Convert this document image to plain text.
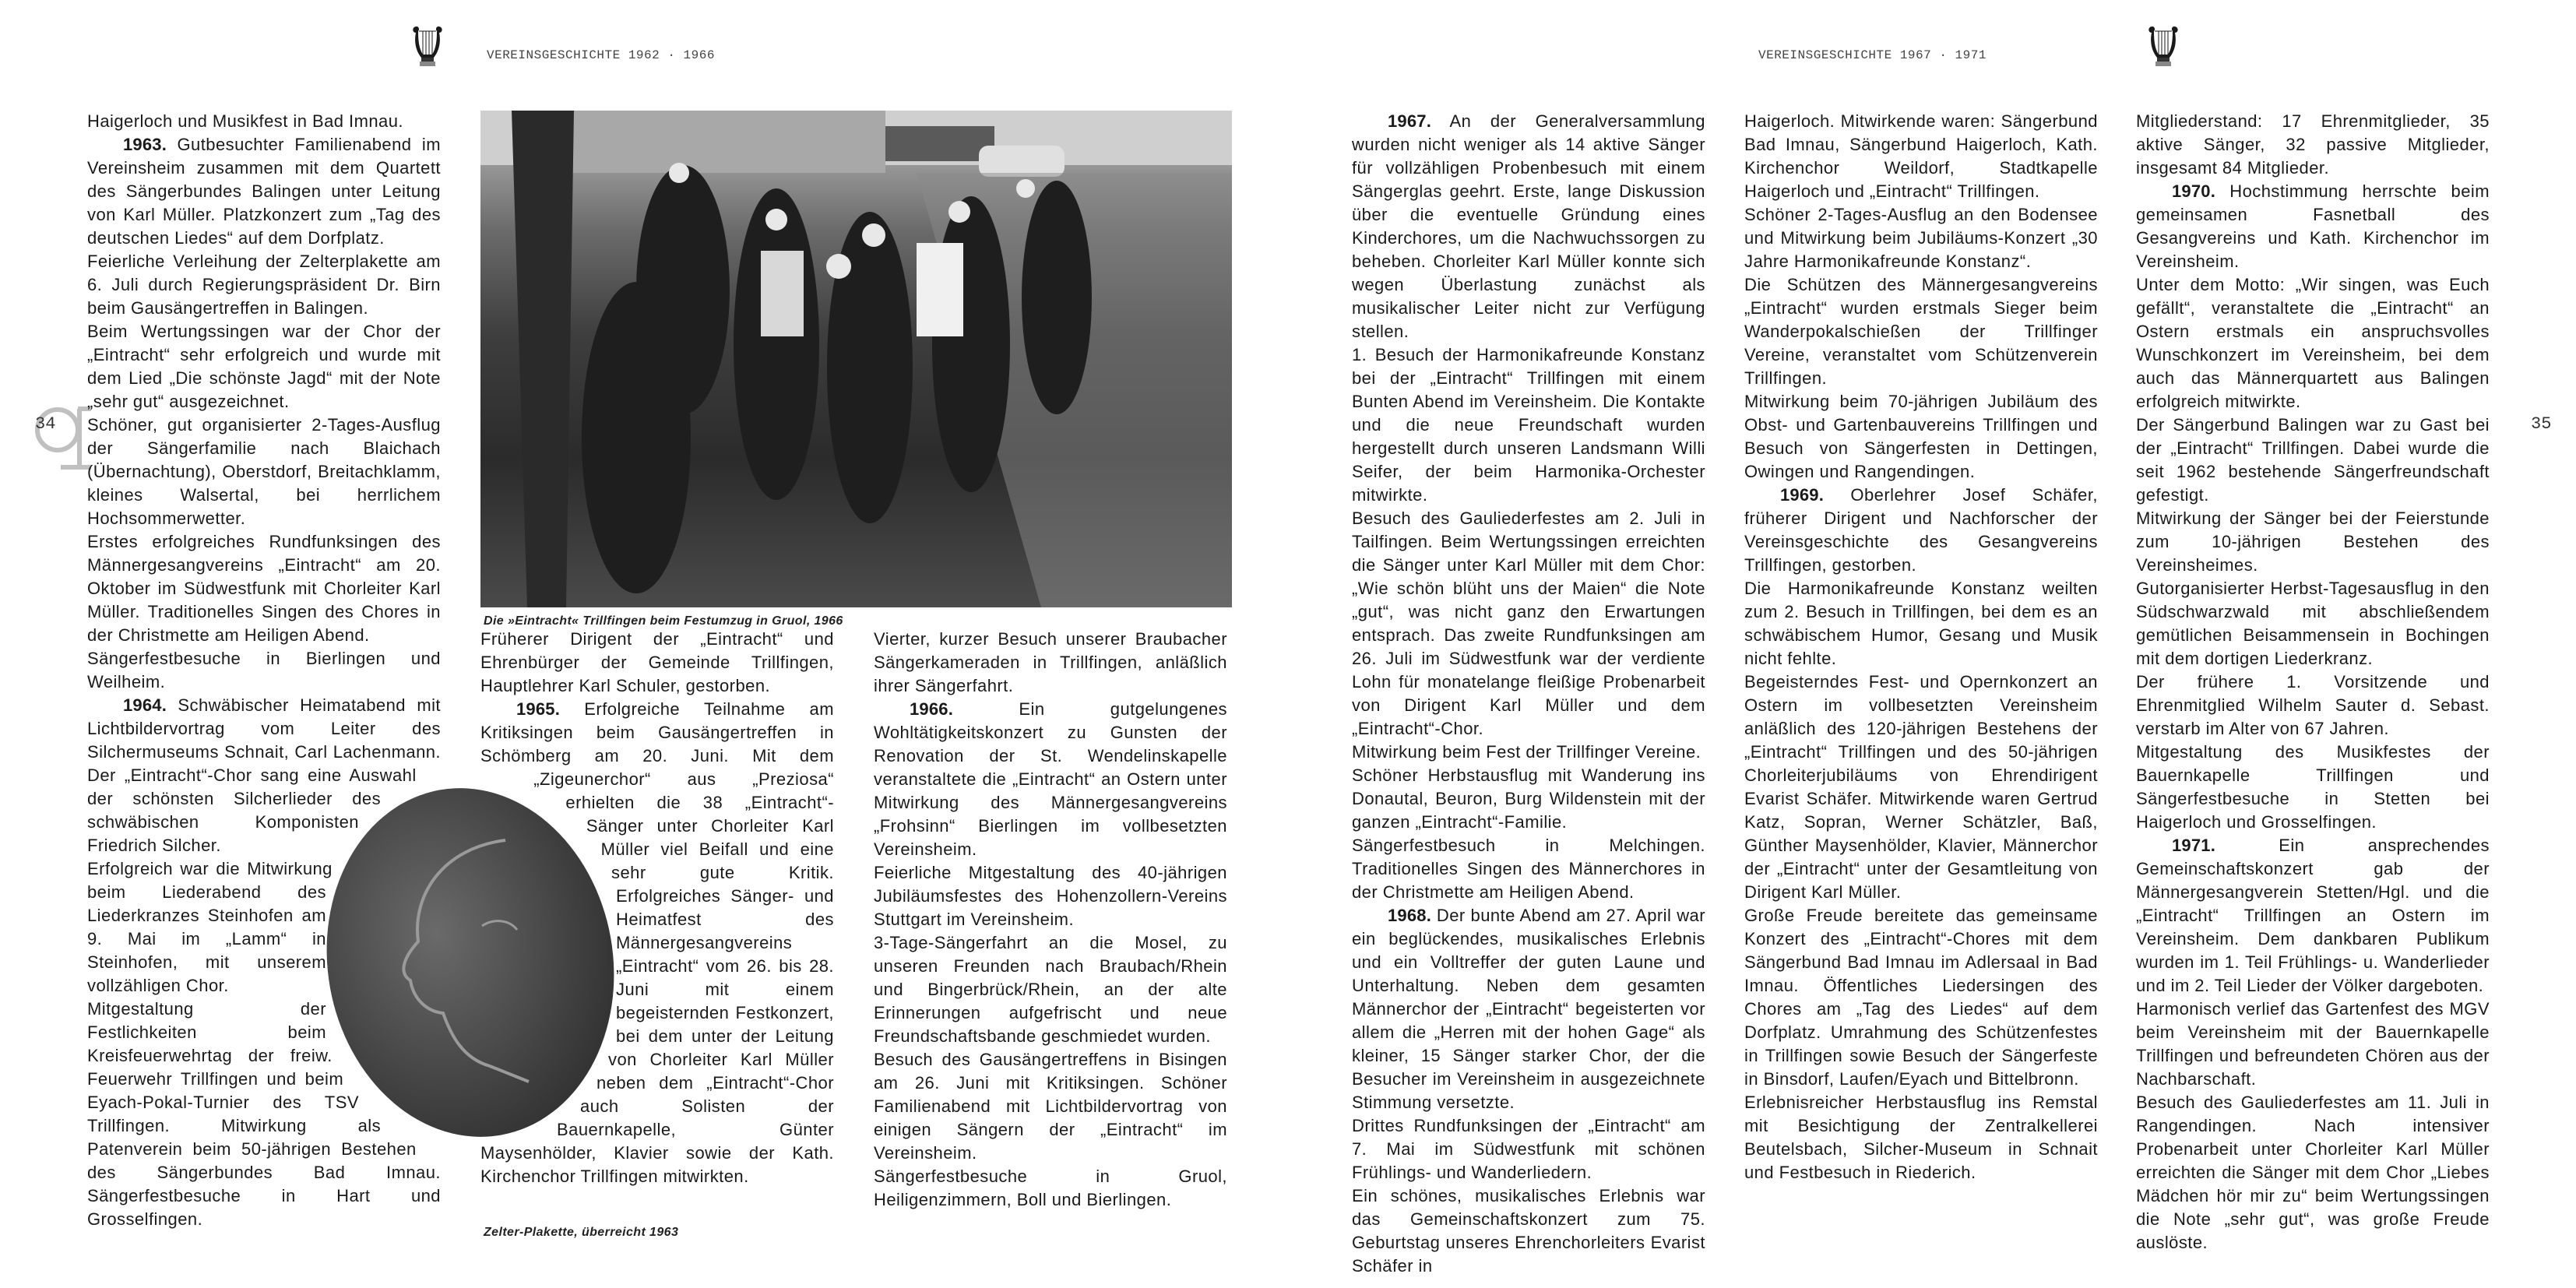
VEREINSGESCHICHTE 1962 · 1966	VEREINSGESCHICHTE 1967 · 1971
34	35
Die »Eintracht« Trillfingen beim Festumzug in Gruol, 1966
Zelter-Plakette, überreicht 1963

Haigerloch und Musikfest in Bad Imnau.

1963. Gutbesuchter Familienabend im Vereinsheim zusammen mit dem Quartett des Sängerbundes Balingen unter Leitung von Karl Müller. Platzkonzert zum „Tag des deutschen Liedes“ auf dem Dorfplatz.

Feierliche Verleihung der Zelterplakette am 6. Juli durch Regierungspräsident Dr. Birn beim Gausängertreffen in Balingen.

Beim Wertungssingen war der Chor der „Eintracht“ sehr erfolgreich und wurde mit dem Lied „Die schönste Jagd“ mit der Note „sehr gut“ ausgezeichnet.

Schöner, gut organisierter 2-Tages-Ausflug der Sängerfamilie nach Blaichach (Übernachtung), Oberstdorf, Breitachklamm, kleines Walsertal, bei herrlichem Hochsommerwetter.

Erstes erfolgreiches Rundfunksingen des Männergesangvereins „Eintracht“ am 20. Oktober im Südwestfunk mit Chorleiter Karl Müller. Traditionelles Singen des Chores in der Christmette am Heiligen Abend.

Sängerfestbesuche in Bierlingen und Weilheim.

1964. Schwäbischer Heimatabend mit Lichtbildervortrag vom Leiter des Silchermuseums Schnait, Carl Lachenmann. Der „Eintracht“-Chor sang eine Auswahl der schönsten Silcherlieder des schwäbischen Komponisten Friedrich Silcher.

Erfolgreich war die Mitwirkung beim Liederabend des Liederkranzes Steinhofen am 9. Mai im „Lamm“ in Steinhofen, mit unserem vollzähligen Chor.

Mitgestaltung der Festlichkeiten beim Kreisfeuerwehrtag der freiw. Feuerwehr Trillfingen und beim Eyach-Pokal-Turnier des TSV Trillfingen. Mitwirkung als Patenverein beim 50-jährigen Bestehen des Sängerbundes Bad Imnau. Sängerfestbesuche in Hart und Grosselfingen.

Früherer Dirigent der „Eintracht“ und Ehrenbürger der Gemeinde Trillfingen, Hauptlehrer Karl Schuler, gestorben.

1965. Erfolgreiche Teilnahme am Kritiksingen beim Gausängertreffen in Schömberg am 20. Juni. Mit dem „Zigeunerchor“ aus „Preziosa“ erhielten die 38 „Eintracht“-Sänger unter Chorleiter Karl Müller viel Beifall und eine sehr gute Kritik. Erfolgreiches Sänger- und Heimatfest des Männergesangvereins „Eintracht“ vom 26. bis 28. Juni mit einem begeisternden Festkonzert, bei dem unter der Leitung von Chorleiter Karl Müller neben dem „Eintracht“-Chor auch Solisten der Bauernkapelle, Günter Maysenhölder, Klavier sowie der Kath. Kirchenchor Trillfingen mitwirkten.

Vierter, kurzer Besuch unserer Braubacher Sängerkameraden in Trillfingen, anläßlich ihrer Sängerfahrt.

1966. Ein gutgelungenes Wohltätigkeitskonzert zu Gunsten der Renovation der St. Wendelinskapelle veranstaltete die „Eintracht“ an Ostern unter Mitwirkung des Männergesangvereins „Frohsinn“ Bierlingen im vollbesetzten Vereinsheim.

Feierliche Mitgestaltung des 40-jährigen Jubiläumsfestes des Hohenzollern-Vereins Stuttgart im Vereinsheim.

3-Tage-Sängerfahrt an die Mosel, zu unseren Freunden nach Braubach/Rhein und Bingerbrück/Rhein, an der alte Erinnerungen aufgefrischt und neue Freundschaftsbande geschmiedet wurden.

Besuch des Gausängertreffens in Bisingen am 26. Juni mit Kritiksingen. Schöner Familienabend mit Lichtbildervortrag von einigen Sängern der „Eintracht“ im Vereinsheim.

Sängerfestbesuche in Gruol, Heiligenzimmern, Boll und Bierlingen.

1967. An der Generalversammlung wurden nicht weniger als 14 aktive Sänger für vollzähligen Probenbesuch mit einem Sängerglas geehrt. Erste, lange Diskussion über die eventuelle Gründung eines Kinderchores, um die Nachwuchssorgen zu beheben. Chorleiter Karl Müller konnte sich wegen Überlastung zunächst als musikalischer Leiter nicht zur Verfügung stellen.

1. Besuch der Harmonikafreunde Konstanz bei der „Eintracht“ Trillfingen mit einem Bunten Abend im Vereinsheim. Die Kontakte und die neue Freundschaft wurden hergestellt durch unseren Landsmann Willi Seifer, der beim Harmonika-Orchester mitwirkte.

Besuch des Gauliederfestes am 2. Juli in Tailfingen. Beim Wertungssingen erreichten die Sänger unter Karl Müller mit dem Chor: „Wie schön blüht uns der Maien“ die Note „gut“, was nicht ganz den Erwartungen entsprach. Das zweite Rundfunksingen am 26. Juli im Südwestfunk war der verdiente Lohn für monatelange fleißige Probenarbeit von Dirigent Karl Müller und dem „Eintracht“-Chor.

Mitwirkung beim Fest der Trillfinger Vereine.

Schöner Herbstausflug mit Wanderung ins Donautal, Beuron, Burg Wildenstein mit der ganzen „Eintracht“-Familie.

Sängerfestbesuch in Melchingen. Traditionelles Singen des Männerchores in der Christmette am Heiligen Abend.

1968. Der bunte Abend am 27. April war ein beglückendes, musikalisches Erlebnis und ein Volltreffer der guten Laune und Unterhaltung. Neben dem gesamten Männerchor der „Eintracht“ begeisterten vor allem die „Herren mit der hohen Gage“ als kleiner, 15 Sänger starker Chor, der die Besucher im Vereinsheim in ausgezeichnete Stimmung versetzte.

Drittes Rundfunksingen der „Eintracht“ am 7. Mai im Südwestfunk mit schönen Frühlings- und Wanderliedern.

Ein schönes, musikalisches Erlebnis war das Gemeinschaftskonzert zum 75. Geburtstag unseres Ehrenchorleiters Evarist Schäfer in

Haigerloch. Mitwirkende waren: Sängerbund Bad Imnau, Sängerbund Haigerloch, Kath. Kirchenchor Weildorf, Stadtkapelle Haigerloch und „Eintracht“ Trillfingen.

Schöner 2-Tages-Ausflug an den Bodensee und Mitwirkung beim Jubiläums-Konzert „30 Jahre Harmonikafreunde Konstanz“.

Die Schützen des Männergesangvereins „Eintracht“ wurden erstmals Sieger beim Wanderpokalschießen der Trillfinger Vereine, veranstaltet vom Schützenverein Trillfingen.

Mitwirkung beim 70-jährigen Jubiläum des Obst- und Gartenbauvereins Trillfingen und Besuch von Sängerfesten in Dettingen, Owingen und Rangendingen.

1969. Oberlehrer Josef Schäfer, früherer Dirigent und Nachforscher der Vereinsgeschichte des Gesangvereins Trillfingen, gestorben.

Die Harmonikafreunde Konstanz weilten zum 2. Besuch in Trillfingen, bei dem es an schwäbischem Humor, Gesang und Musik nicht fehlte.

Begeisterndes Fest- und Opernkonzert an Ostern im vollbesetzten Vereinsheim anläßlich des 120-jährigen Bestehens der „Eintracht“ Trillfingen und des 50-jährigen Chorleiterjubiläums von Ehrendirigent Evarist Schäfer. Mitwirkende waren Gertrud Katz, Sopran, Werner Schätzler, Baß, Günther Maysenhölder, Klavier, Männerchor der „Eintracht“ unter der Gesamtleitung von Dirigent Karl Müller.

Große Freude bereitete das gemeinsame Konzert des „Eintracht“-Chores mit dem Sängerbund Bad Imnau im Adlersaal in Bad Imnau. Öffentliches Liedersingen des Chores am „Tag des Liedes“ auf dem Dorfplatz. Umrahmung des Schützenfestes in Trillfingen sowie Besuch der Sängerfeste in Binsdorf, Laufen/Eyach und Bittelbronn.

Erlebnisreicher Herbstausflug ins Remstal mit Besichtigung der Zentralkellerei Beutelsbach, Silcher-Museum in Schnait und Festbesuch in Riederich.

Mitgliederstand: 17 Ehrenmitglieder, 35 aktive Sänger, 32 passive Mitglieder, insgesamt 84 Mitglieder.

1970. Hochstimmung herrschte beim gemeinsamen Fasnetball des Gesangvereins und Kath. Kirchenchor im Vereinsheim.

Unter dem Motto: „Wir singen, was Euch gefällt“, veranstaltete die „Eintracht“ an Ostern erstmals ein anspruchsvolles Wunschkonzert im Vereinsheim, bei dem auch das Männerquartett aus Balingen erfolgreich mitwirkte.

Der Sängerbund Balingen war zu Gast bei der „Eintracht“ Trillfingen. Dabei wurde die seit 1962 bestehende Sängerfreundschaft gefestigt.

Mitwirkung der Sänger bei der Feierstunde zum 10-jährigen Bestehen des Vereinsheimes.

Gutorganisierter Herbst-Tagesausflug in den Südschwarzwald mit abschließendem gemütlichen Beisammensein in Bochingen mit dem dortigen Liederkranz.

Der frühere 1. Vorsitzende und Ehrenmitglied Wilhelm Sauter d. Sebast. verstarb im Alter von 67 Jahren.

Mitgestaltung des Musikfestes der Bauernkapelle Trillfingen und Sängerfestbesuche in Stetten bei Haigerloch und Grosselfingen.

1971. Ein ansprechendes Gemeinschaftskonzert gab der Männergesangverein Stetten/Hgl. und die „Eintracht“ Trillfingen an Ostern im Vereinsheim. Dem dankbaren Publikum wurden im 1. Teil Frühlings- u. Wanderlieder und im 2. Teil Lieder der Völker dargeboten.

Harmonisch verlief das Gartenfest des MGV beim Vereinsheim mit der Bauernkapelle Trillfingen und befreundeten Chören aus der Nachbarschaft.

Besuch des Gauliederfestes am 11. Juli in Rangendingen. Nach intensiver Probenarbeit unter Chorleiter Karl Müller erreichten die Sänger mit dem Chor „Liebes Mädchen hör mir zu“ beim Wertungssingen die Note „sehr gut“, was große Freude auslöste.
